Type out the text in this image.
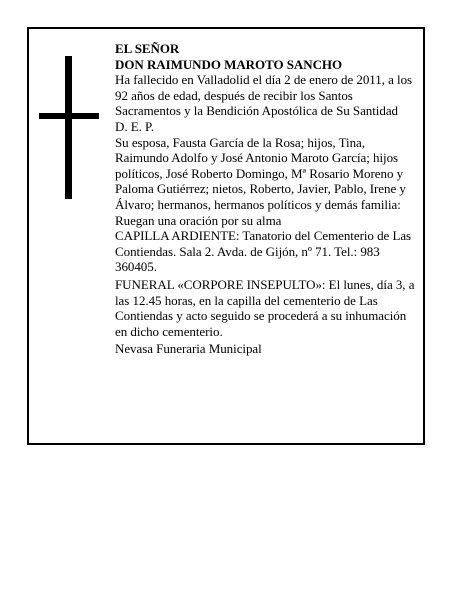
EL SEÑOR

DON RAIMUNDO MAROTO SANCHO

Ha fallecido en Valladolid el día 2 de enero de 2011, a los 92 años de edad, después de recibir los Santos Sacramentos y la Bendición Apostólica de Su Santidad

D. E. P.

Su esposa, Fausta García de la Rosa; hijos, Tina, Raimundo Adolfo y José Antonio Maroto García; hijos políticos, José Roberto Domingo, Mª Rosario Moreno y Paloma Gutiérrez; nietos, Roberto, Javier, Pablo, Irene y Álvaro; hermanos, hermanos políticos y demás familia:

Ruegan una oración por su alma

CAPILLA ARDIENTE: Tanatorio del Cementerio de Las Contiendas. Sala 2. Avda. de Gijón, nº 71. Tel.: 983 360405.

FUNERAL «CORPORE INSEPULTO»: El lunes, día 3, a las 12.45 horas, en la capilla del cementerio de Las Contiendas y acto seguido se procederá a su inhumación en dicho cementerio.

Nevasa Funeraria Municipal
